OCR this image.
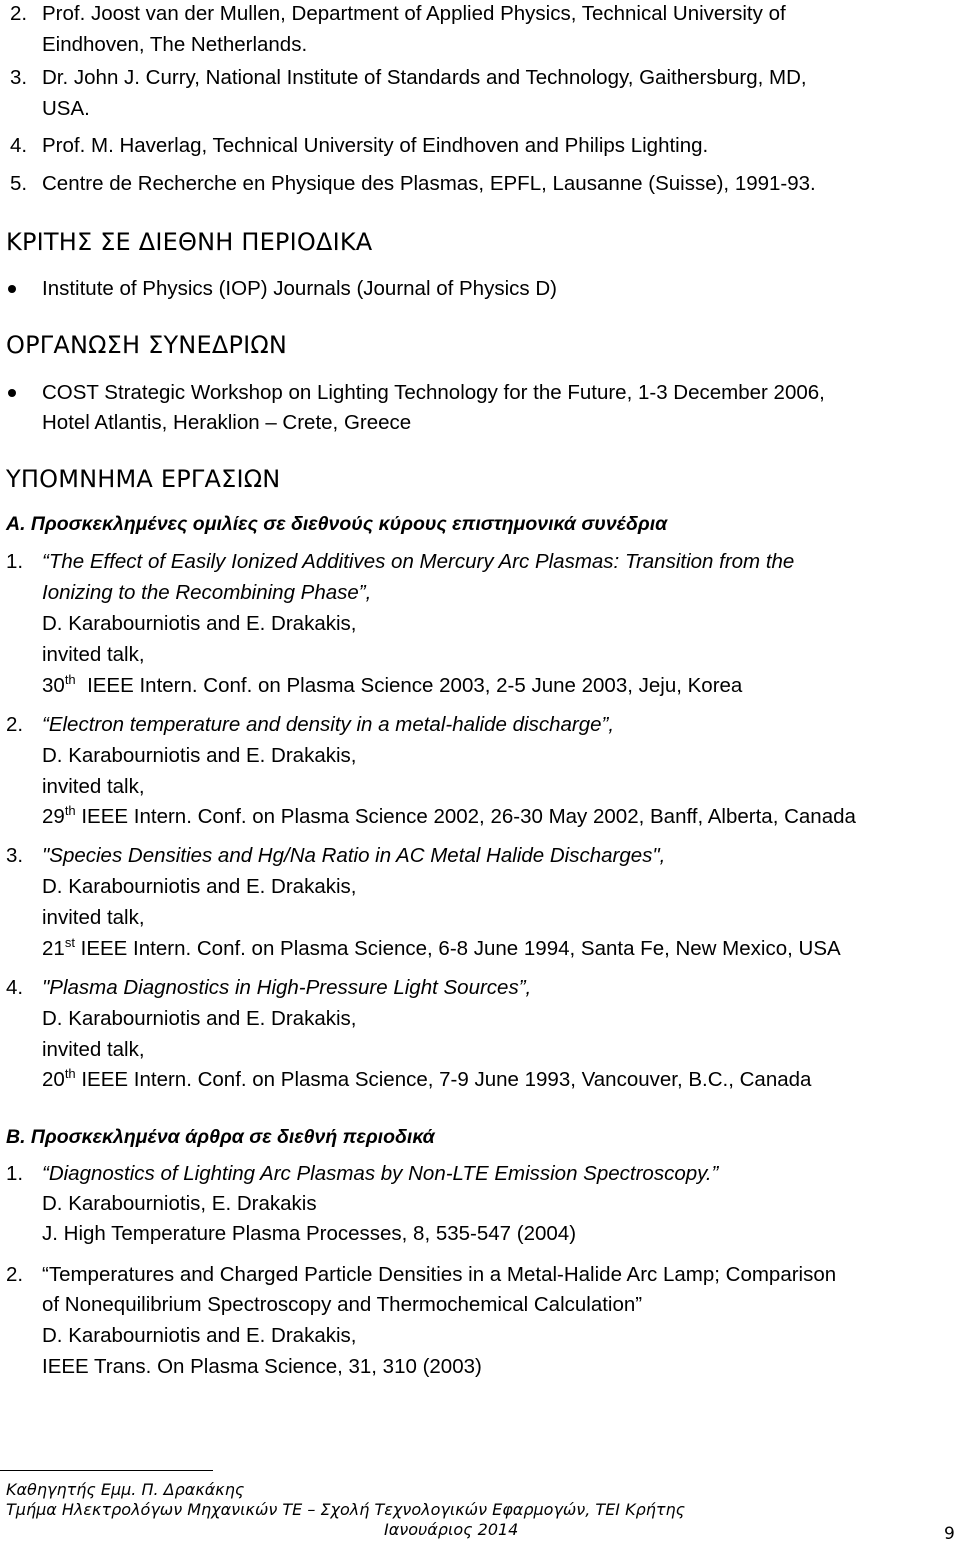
2. Prof. Joost van der Mullen, Department of Applied Physics, Technical University of
Eindhoven, The Netherlands.
3. Dr. John J. Curry, National Institute of Standards and Technology, Gaithersburg, MD,
USA.
4. Prof. M. Haverlag, Technical University of Eindhoven and Philips Lighting.
5. Centre de Recherche en Physique des Plasmas, EPFL, Lausanne (Suisse), 1991-93.
ΚΡΙΤΗΣ ΣΕ ΔΙΕΘΝΗ ΠΕΡΙΟΔΙΚΑ
Institute of Physics (IOP) Journals (Journal of Physics D)
ΟΡΓΑΝΩΣΗ ΣΥΝΕΔΡΙΩΝ
COST Strategic Workshop on Lighting Technology for the Future, 1-3 December 2006,
Hotel Atlantis, Heraklion – Crete, Greece
ΥΠΟΜΝΗΜΑ ΕΡΓΑΣΙΩΝ
Α. Προσκεκλημένες ομιλίες σε διεθνούς κύρους επιστημονικά συνέδρια
1. “The Effect of Easily Ionized Additives on Mercury Arc Plasmas: Transition from the
Ionizing to the Recombining Phase”,
D. Karabourniotis and E. Drakakis,
invited talk,
30th IEEE Intern. Conf. on Plasma Science 2003, 2-5 June 2003, Jeju, Korea
2. “Electron temperature and density in a metal-halide discharge”,
D. Karabourniotis and E. Drakakis,
invited talk,
29th IEEE Intern. Conf. on Plasma Science 2002, 26-30 May 2002, Banff, Alberta, Canada
3. "Species Densities and Hg/Na Ratio in AC Metal Halide Discharges",
D. Karabourniotis and E. Drakakis,
invited talk,
21st IEEE Intern. Conf. on Plasma Science, 6-8 June 1994, Santa Fe, New Mexico, USA
4. "Plasma Diagnostics in High-Pressure Light Sources”,
D. Karabourniotis and E. Drakakis,
invited talk,
20th IEEE Intern. Conf. on Plasma Science, 7-9 June 1993, Vancouver, B.C., Canada
Β. Προσκεκλημένα άρθρα σε διεθνή περιοδικά
1. “Diagnostics of Lighting Arc Plasmas by Non-LTE Emission Spectroscopy.”
D. Karabourniotis, E. Drakakis
J. High Temperature Plasma Processes, 8, 535-547 (2004)
2. “Temperatures and Charged Particle Densities in a Metal-Halide Arc Lamp; Comparison
of Nonequilibrium Spectroscopy and Thermochemical Calculation”
D. Karabourniotis and E. Drakakis,
IEEE Trans. On Plasma Science, 31, 310 (2003)
Καθηγητής Εμμ. Π. Δρακάκης
Τμήμα Ηλεκτρολόγων Μηχανικών ΤΕ – Σχολή Τεχνολογικών Εφαρμογών, ΤΕΙ Κρήτης
Ιανουάριος 2014	9
